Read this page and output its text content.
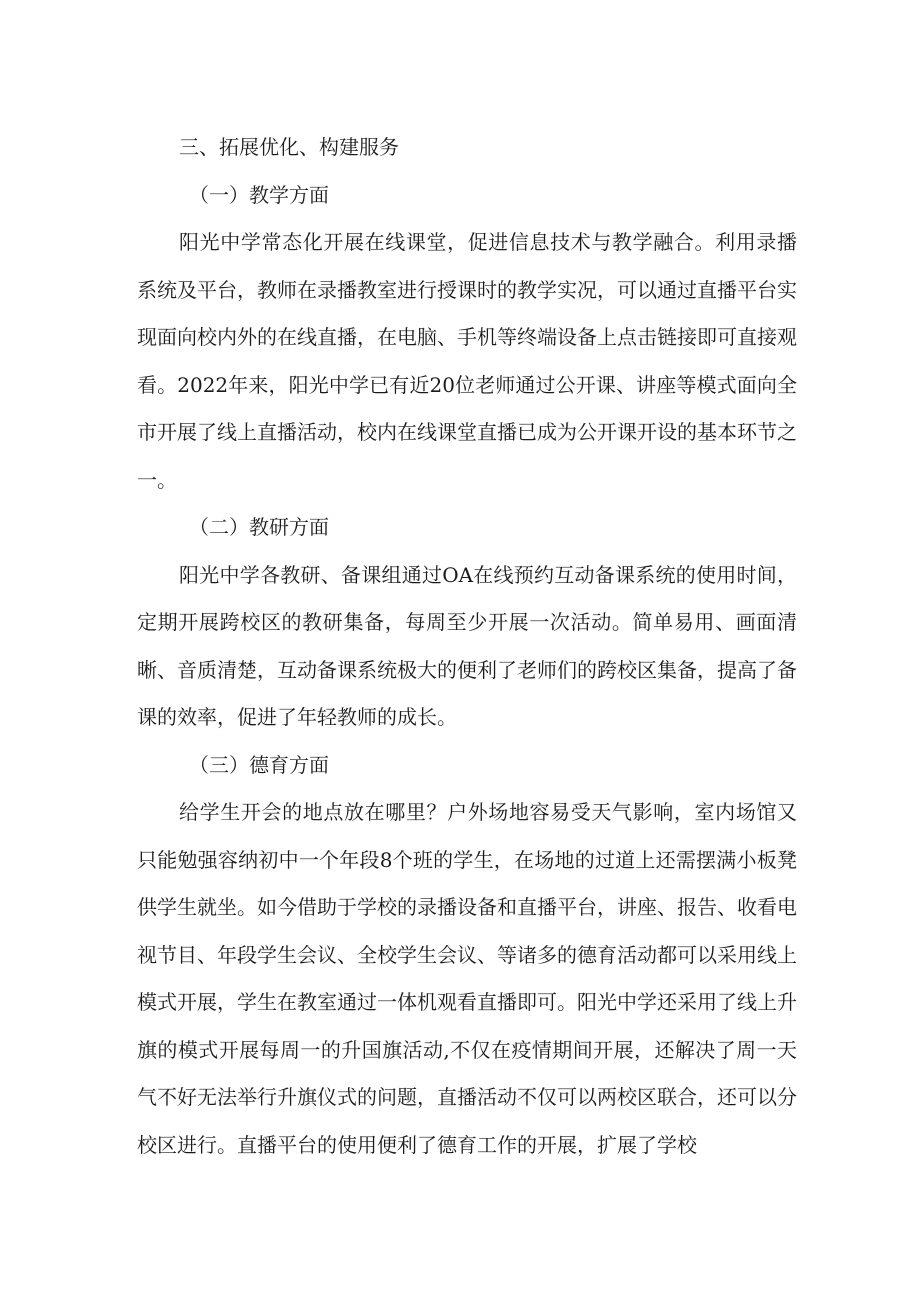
三、拓展优化、构建服务

（一）教学方面

阳光中学常态化开展在线课堂，促进信息技术与教学融合。利用录播系统及平台，教师在录播教室进行授课时的教学实况，可以通过直播平台实现面向校内外的在线直播，在电脑、手机等终端设备上点击链接即可直接观看。2022年来，阳光中学已有近20位老师通过公开课、讲座等模式面向全市开展了线上直播活动，校内在线课堂直播已成为公开课开设的基本环节之一。

（二）教研方面

阳光中学各教研、备课组通过OA在线预约互动备课系统的使用时间，定期开展跨校区的教研集备，每周至少开展一次活动。简单易用、画面清晰、音质清楚，互动备课系统极大的便利了老师们的跨校区集备，提高了备课的效率，促进了年轻教师的成长。

（三）德育方面

给学生开会的地点放在哪里？户外场地容易受天气影响，室内场馆又只能勉强容纳初中一个年段8个班的学生，在场地的过道上还需摆满小板凳供学生就坐。如今借助于学校的录播设备和直播平台，讲座、报告、收看电视节目、年段学生会议、全校学生会议、等诸多的德育活动都可以采用线上模式开展，学生在教室通过一体机观看直播即可。阳光中学还采用了线上升旗的模式开展每周一的升国旗活动,不仅在疫情期间开展，还解决了周一天气不好无法举行升旗仪式的问题，直播活动不仅可以两校区联合，还可以分校区进行。直播平台的使用便利了德育工作的开展，扩展了学校
